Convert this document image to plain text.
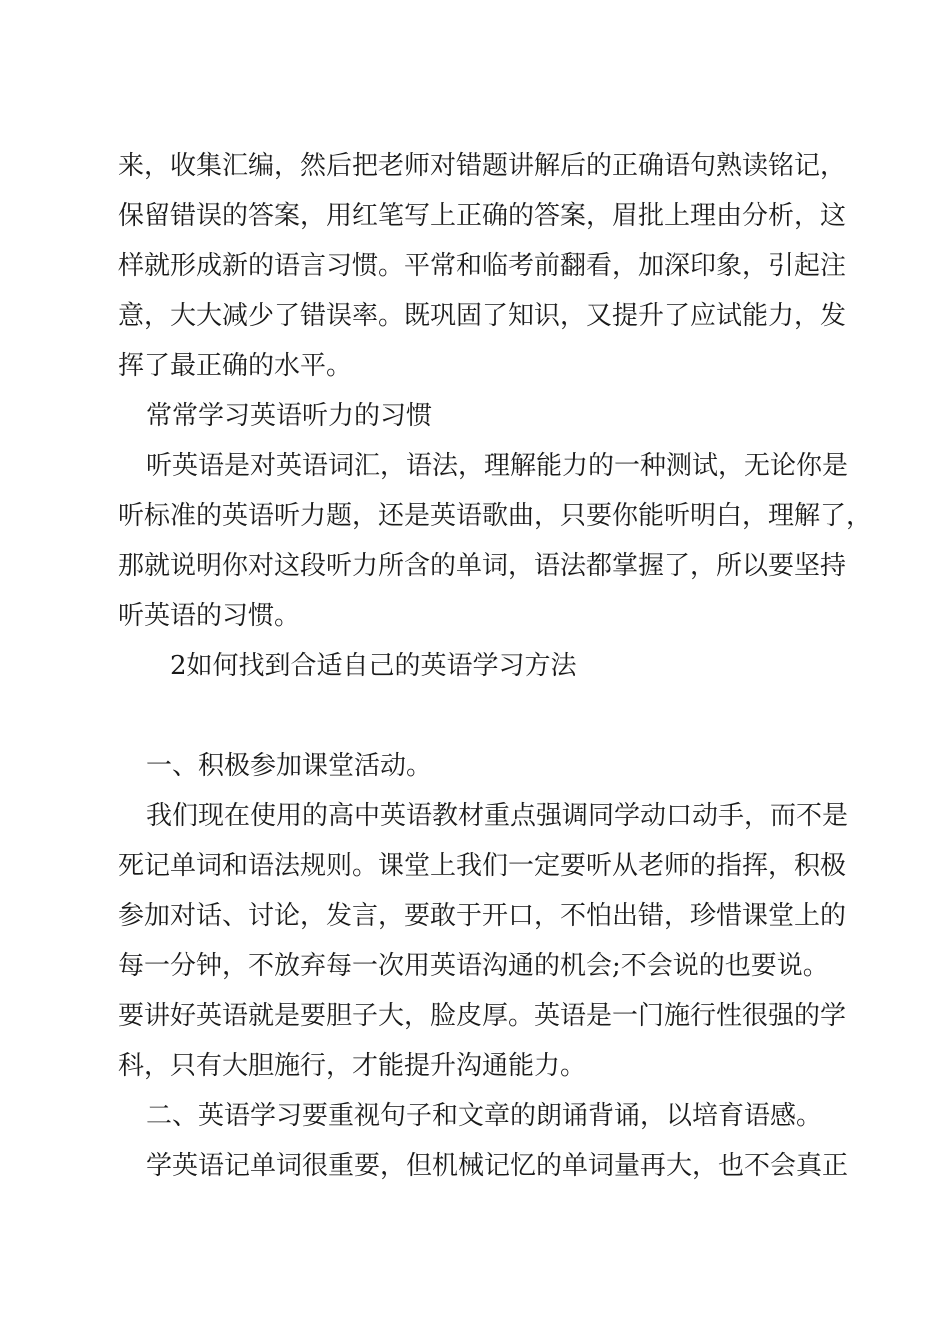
来，收集汇编，然后把老师对错题讲解后的正确语句熟读铭记，
保留错误的答案，用红笔写上正确的答案，眉批上理由分析，这
样就形成新的语言习惯。平常和临考前翻看，加深印象，引起注
意，大大减少了错误率。既巩固了知识，又提升了应试能力，发
挥了最正确的水平。
常常学习英语听力的习惯
听英语是对英语词汇，语法，理解能力的一种测试，无论你是
听标准的英语听力题，还是英语歌曲，只要你能听明白，理解了，
那就说明你对这段听力所含的单词，语法都掌握了，所以要坚持
听英语的习惯。
2如何找到合适自己的英语学习方法
一、积极参加课堂活动。
我们现在使用的高中英语教材重点强调同学动口动手，而不是
死记单词和语法规则。课堂上我们一定要听从老师的指挥，积极
参加对话、讨论，发言，要敢于开口，不怕出错，珍惜课堂上的
每一分钟，不放弃每一次用英语沟通的机会;不会说的也要说。
要讲好英语就是要胆子大，脸皮厚。英语是一门施行性很强的学
科，只有大胆施行，才能提升沟通能力。
二、英语学习要重视句子和文章的朗诵背诵，以培育语感。
学英语记单词很重要，但机械记忆的单词量再大，也不会真正
